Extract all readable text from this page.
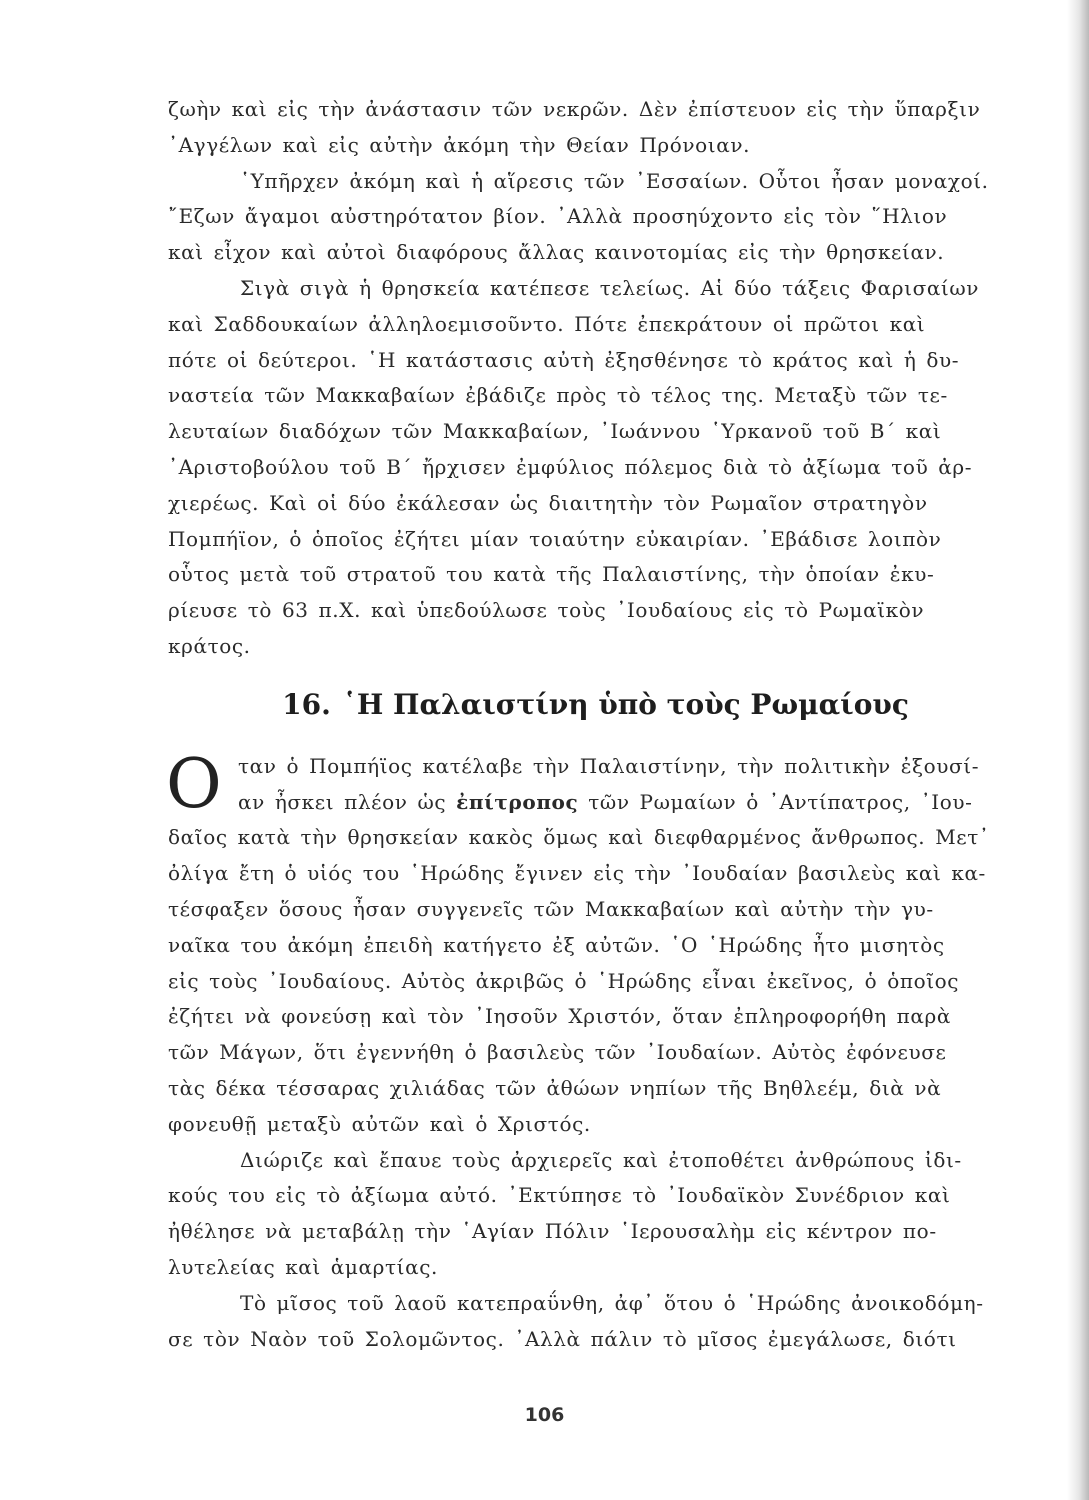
ζωὴν καὶ εἰς τὴν ἀνάστασιν τῶν νεκρῶν. Δὲν ἐπίστευον εἰς τὴν ὕπαρξιν
᾿Αγγέλων καὶ εἰς αὐτὴν ἀκόμη τὴν Θείαν Πρόνοιαν.
῾Υπῆρχεν ἀκόμη καὶ ἡ αἵρεσις τῶν ᾿Εσσαίων. Οὗτοι ἦσαν μοναχοί.
῎Εζων ἄγαμοι αὐστηρότατον βίον. ᾿Αλλὰ προσηύχοντο εἰς τὸν ῞Ηλιον
καὶ εἶχον καὶ αὐτοὶ διαφόρους ἄλλας καινοτομίας εἰς τὴν θρησκείαν.
Σιγὰ σιγὰ ἡ θρησκεία κατέπεσε τελείως. Αἱ δύο τάξεις Φαρισαίων
καὶ Σαδδουκαίων ἀλληλοεμισοῦντο. Πότε ἐπεκράτουν οἱ πρῶτοι καὶ
πότε οἱ δεύτεροι. ῾Η κατάστασις αὐτὴ ἐξησθένησε τὸ κράτος καὶ ἡ δυ-
ναστεία τῶν Μακκαβαίων ἐβάδιζε πρὸς τὸ τέλος της. Μεταξὺ τῶν τε-
λευταίων διαδόχων τῶν Μακκαβαίων, ᾿Ιωάννου ῾Υρκανοῦ τοῦ Β΄ καὶ
᾿Αριστοβούλου τοῦ Β΄ ἤρχισεν ἐμφύλιος πόλεμος διὰ τὸ ἀξίωμα τοῦ ἀρ-
χιερέως. Καὶ οἱ δύο ἐκάλεσαν ὡς διαιτητὴν τὸν Ρωμαῖον στρατηγὸν
Πομπήϊον, ὁ ὁποῖος ἐζήτει μίαν τοιαύτην εὐκαιρίαν. ᾿Εβάδισε λοιπὸν
οὗτος μετὰ τοῦ στρατοῦ του κατὰ τῆς Παλαιστίνης, τὴν ὁποίαν ἐκυ-
ρίευσε τὸ 63 π.Χ. καὶ ὑπεδούλωσε τοὺς ᾿Ιουδαίους εἰς τὸ Ρωμαϊκὸν
κράτος.
16. ῾Η Παλαιστίνη ὑπὸ τοὺς Ρωμαίους
Ο ταν ὁ Πομπήϊος κατέλαβε τὴν Παλαιστίνην, τὴν πολιτικὴν ἐξουσί-
αν ἦσκει πλέον ὡς ἐπίτροπος τῶν Ρωμαίων ὁ ᾿Αντίπατρος, ᾿Ιου-
δαῖος κατὰ τὴν θρησκείαν κακὸς ὅμως καὶ διεφθαρμένος ἄνθρωπος. Μετ᾿
ὀλίγα ἔτη ὁ υἱός του ῾Ηρώδης ἔγινεν εἰς τὴν ᾿Ιουδαίαν βασιλεὺς καὶ κα-
τέσφαξεν ὅσους ἦσαν συγγενεῖς τῶν Μακκαβαίων καὶ αὐτὴν τὴν γυ-
ναῖκα του ἀκόμη ἐπειδὴ κατήγετο ἐξ αὐτῶν. ῾Ο ῾Ηρώδης ἦτο μισητὸς
εἰς τοὺς ᾿Ιουδαίους. Αὐτὸς ἀκριβῶς ὁ ῾Ηρώδης εἶναι ἐκεῖνος, ὁ ὁποῖος
ἐζήτει νὰ φονεύσῃ καὶ τὸν ᾿Ιησοῦν Χριστόν, ὅταν ἐπληροφορήθη παρὰ
τῶν Μάγων, ὅτι ἐγεννήθη ὁ βασιλεὺς τῶν ᾿Ιουδαίων. Αὐτὸς ἐφόνευσε
τὰς δέκα τέσσαρας χιλιάδας τῶν ἀθώων νηπίων τῆς Βηθλεέμ, διὰ νὰ
φονευθῇ μεταξὺ αὐτῶν καὶ ὁ Χριστός.
Διώριζε καὶ ἔπαυε τοὺς ἀρχιερεῖς καὶ ἐτοποθέτει ἀνθρώπους ἰδι-
κούς του εἰς τὸ ἀξίωμα αὐτό. ᾿Εκτύπησε τὸ ᾿Ιουδαϊκὸν Συνέδριον καὶ
ἠθέλησε νὰ μεταβάλῃ τὴν ῾Αγίαν Πόλιν ῾Ιερουσαλὴμ εἰς κέντρον πο-
λυτελείας καὶ ἁμαρτίας.
Τὸ μῖσος τοῦ λαοῦ κατεπραΰνθη, ἀφ᾿ ὅτου ὁ ῾Ηρώδης ἀνοικοδόμη-
σε τὸν Ναὸν τοῦ Σολομῶντος. ᾿Αλλὰ πάλιν τὸ μῖσος ἐμεγάλωσε, διότι
106
